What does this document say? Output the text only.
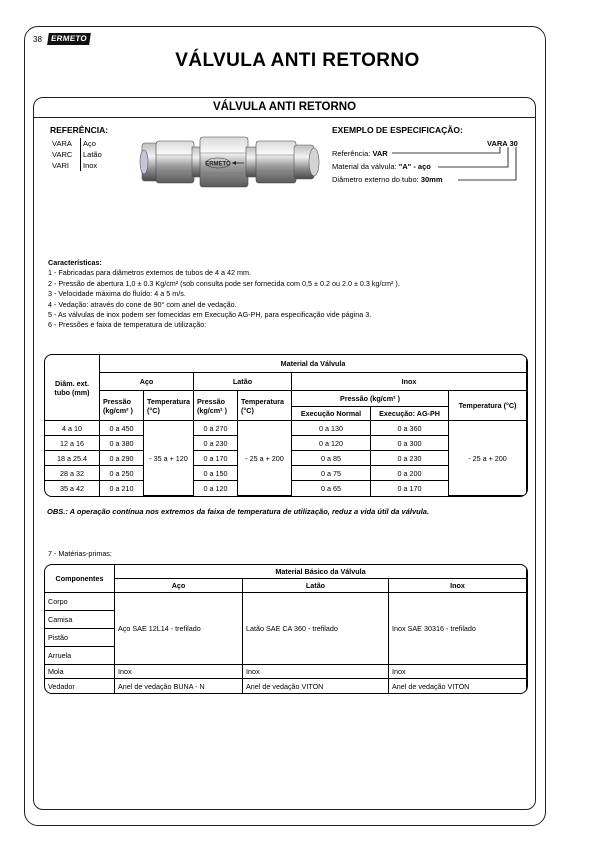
38	ERMETO
VÁLVULA ANTI RETORNO
VÁLVULA ANTI RETORNO
REFERÊNCIA:
VARA	Aço
VARC	Latão
VARI	Inox	ERMETO
EXEMPLO DE ESPECIFICAÇÃO:
VARA 30
Referência: VAR
Material da válvula: "A" - aço
Diâmetro externo do tubo: 30mm
Características:
1 - Fabricadas para diâmetros externos de tubos de 4 a 42 mm.
2 - Pressão de abertura 1,0 ± 0.3 Kg/cm² (sob consulta pode ser fornecida com 0,5 ± 0.2 ou 2.0 ± 0.3 kg/cm² ).
3 - Velocidade máxima do fluído: 4 a 5 m/s.
4 - Vedação: através do cone de 90° com anel de vedação.
5 - As válvulas de inox podem ser fornecidas em Execução AG-PH, para especificação vide página 3.
6 - Pressões e faixa de temperatura de utilização:
Diâm. ext. tubo (mm)	Material da Válvula						
	Aço		Latão		Inox		
	Pressão (kg/cm² )	Temperatura (°C)	Pressão (kg/cm² )	Temperatura (°C)	Pressão (kg/cm² )		Temperatura (°C)
					Execução Normal	Execução: AG-PH	
4 a 10	0 a 450	- 35 a + 120	0 a 270	- 25 a + 200	0 a 130	0 a 360	- 25 a + 200
12 a 16	0 a 380		0 a 230		0 a 120	0 a 300	
18 a 25.4	0 a 290		0 a 170		0 a 85	0 a 230	
28 a 32	0 a 250		0 a 150		0 a 75	0 a 200	
35 a 42	0 a 210		0 a 120		0 a 65	0 a 170	
OBS.: A operação contínua nos extremos da faixa de temperatura de utilização, reduz a vida útil da válvula.
7 - Matérias-primas:
Componentes	Material Básico da Válvula		
	Aço	Latão	Inox
Corpo	Aço SAE 12L14 - trefilado	Latão SAE CA 360 - trefilado	Inox SAE 30316 - trefilado
Camisa			
Pistão			
Arruela			
Mola	Inox	Inox	Inox
Vedador	Anel de vedação BUNA - N	Anel de vedação VITON	Anel de vedação VITON
